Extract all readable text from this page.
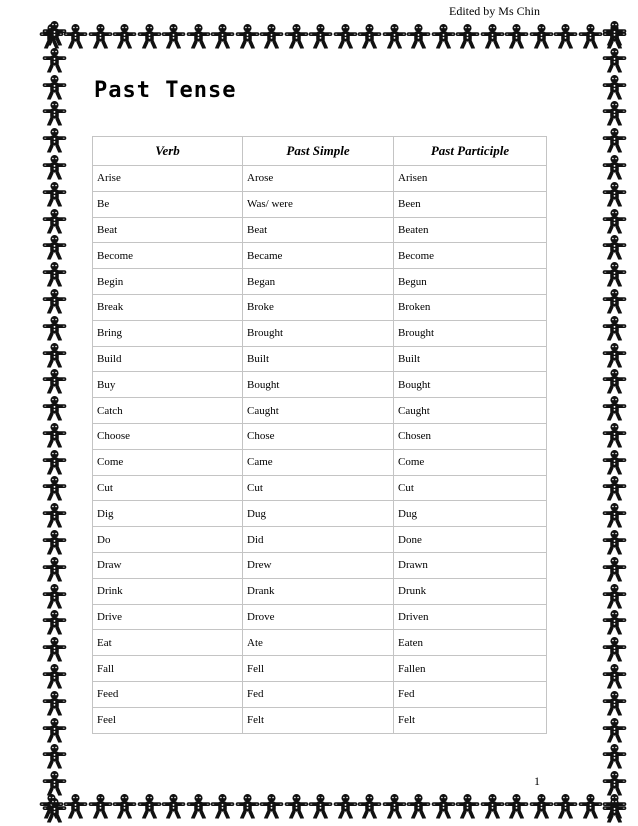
Edited by Ms Chin
Past Tense
Verb	Past Simple	Past Participle
Arise	Arose	Arisen
Be	Was/ were	Been
Beat	Beat	Beaten
Become	Became	Become
Begin	Began	Begun
Break	Broke	Broken
Bring	Brought	Brought
Build	Built	Built
Buy	Bought	Bought
Catch	Caught	Caught
Choose	Chose	Chosen
Come	Came	Come
Cut	Cut	Cut
Dig	Dug	Dug
Do	Did	Done
Draw	Drew	Drawn
Drink	Drank	Drunk
Drive	Drove	Driven
Eat	Ate	Eaten
Fall	Fell	Fallen
Feed	Fed	Fed
Feel	Felt	Felt
1
